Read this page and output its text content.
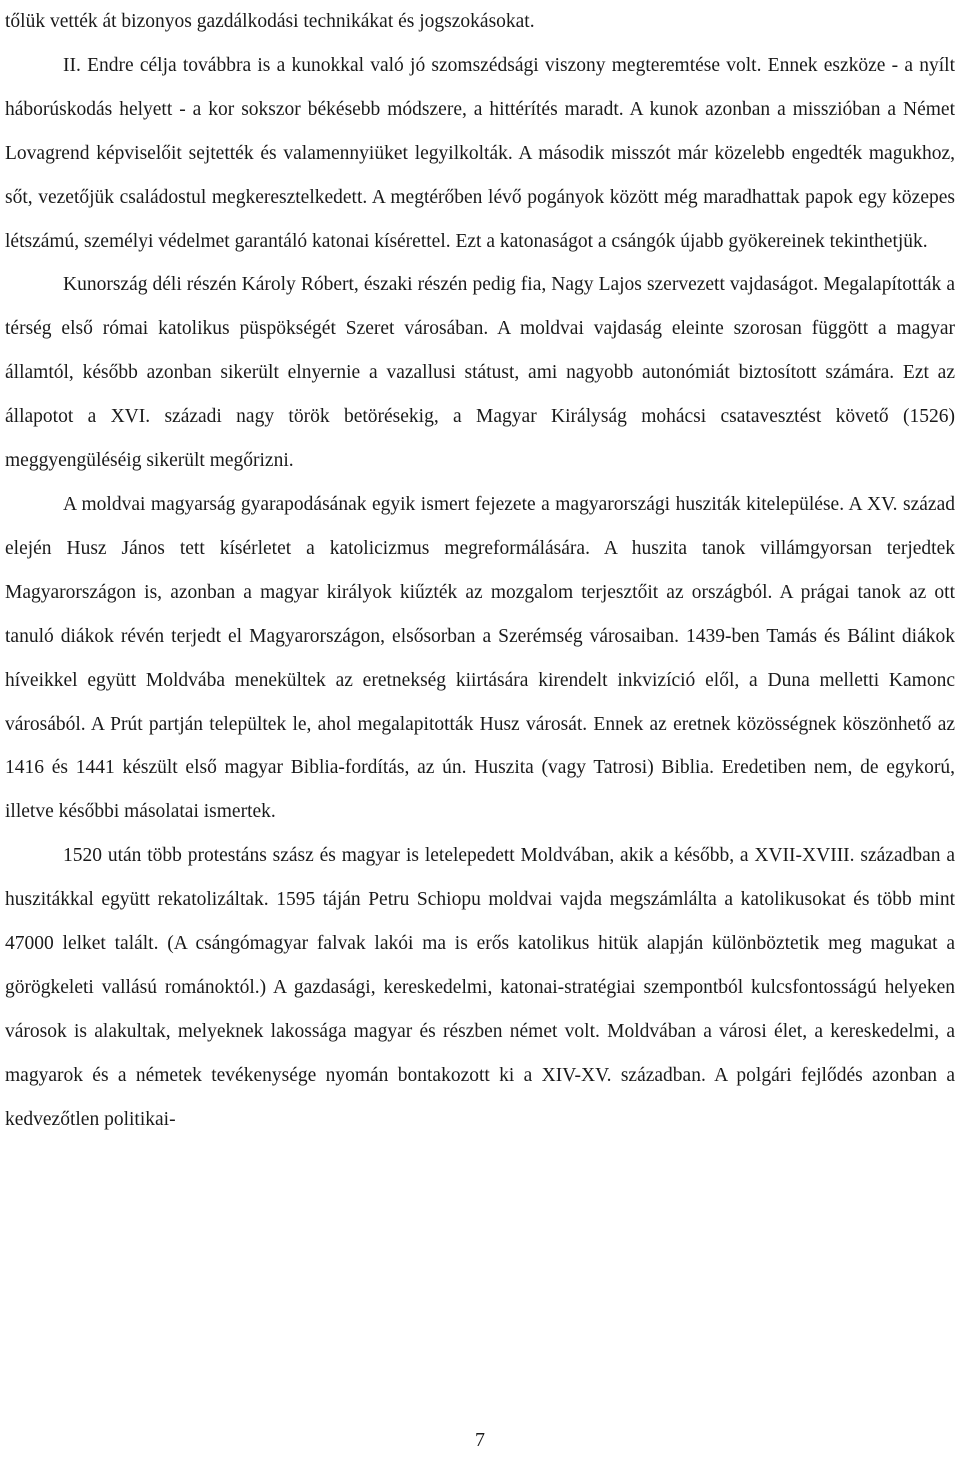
tőlük vették át bizonyos gazdálkodási technikákat és jogszokásokat.

II. Endre célja továbbra is a kunokkal való jó szomszédsági viszony megteremtése volt. Ennek eszköze - a nyílt háborúskodás helyett - a kor sokszor békésebb módszere, a hittérítés maradt. A kunok azonban a misszióban a Német Lovagrend képviselőit sejtették és valamennyiüket legyilkolták. A második misszót már közelebb engedték magukhoz, sőt, vezetőjük családostul megkeresztelkedett. A megtérőben lévő pogányok között még maradhattak papok egy közepes létszámú, személyi védelmet garantáló katonai kísérettel. Ezt a katonaságot a csángók újabb gyökereinek tekinthetjük.

Kunország déli részén Károly Róbert, északi részén pedig fia, Nagy Lajos szervezett vajdaságot. Megalapították a térség első római katolikus püspökségét Szeret városában. A moldvai vajdaság eleinte szorosan függött a magyar államtól, később azonban sikerült elnyernie a vazallusi státust, ami nagyobb autonómiát biztosított számára. Ezt az állapotot a XVI. századi nagy török betörésekig, a Magyar Királyság mohácsi csatavesztést követő (1526) meggyengüléséig sikerült megőrizni.

A moldvai magyarság gyarapodásának egyik ismert fejezete a magyarországi husziták kitelepülése. A XV. század elején Husz János tett kísérletet a katolicizmus megreformálására. A huszita tanok villámgyorsan terjedtek Magyarországon is, azonban a magyar királyok kiűzték az mozgalom terjesztőit az országból. A prágai tanok az ott tanuló diákok révén terjedt el Magyarországon, elsősorban a Szerémség városaiban. 1439-ben Tamás és Bálint diákok híveikkel együtt Moldvába menekültek az eretnekség kiirtására kirendelt inkvizíció elől, a Duna melletti Kamonc városából. A Prút partján települtek le, ahol megalapitották Husz városát. Ennek az eretnek közösségnek köszönhető az 1416 és 1441 készült első magyar Biblia-fordítás, az ún. Huszita (vagy Tatrosi) Biblia. Eredetiben nem, de egykorú, illetve későbbi másolatai ismertek.

1520 után több protestáns szász és magyar is letelepedett Moldvában, akik a később, a XVII-XVIII. században a huszitákkal együtt rekatolizáltak. 1595 táján Petru Schiopu moldvai vajda megszámlálta a katolikusokat és több mint 47000 lelket talált. (A csángómagyar falvak lakói ma is erős katolikus hitük alapján különböztetik meg magukat a görögkeleti vallású románoktól.) A gazdasági, kereskedelmi, katonai-stratégiai szempontból kulcsfontosságú helyeken városok is alakultak, melyeknek lakossága magyar és részben német volt. Moldvában a városi élet, a kereskedelmi, a magyarok és a németek tevékenysége nyomán bontakozott ki a XIV-XV. században. A polgári fejlődés azonban a kedvezőtlen politikai-

7
